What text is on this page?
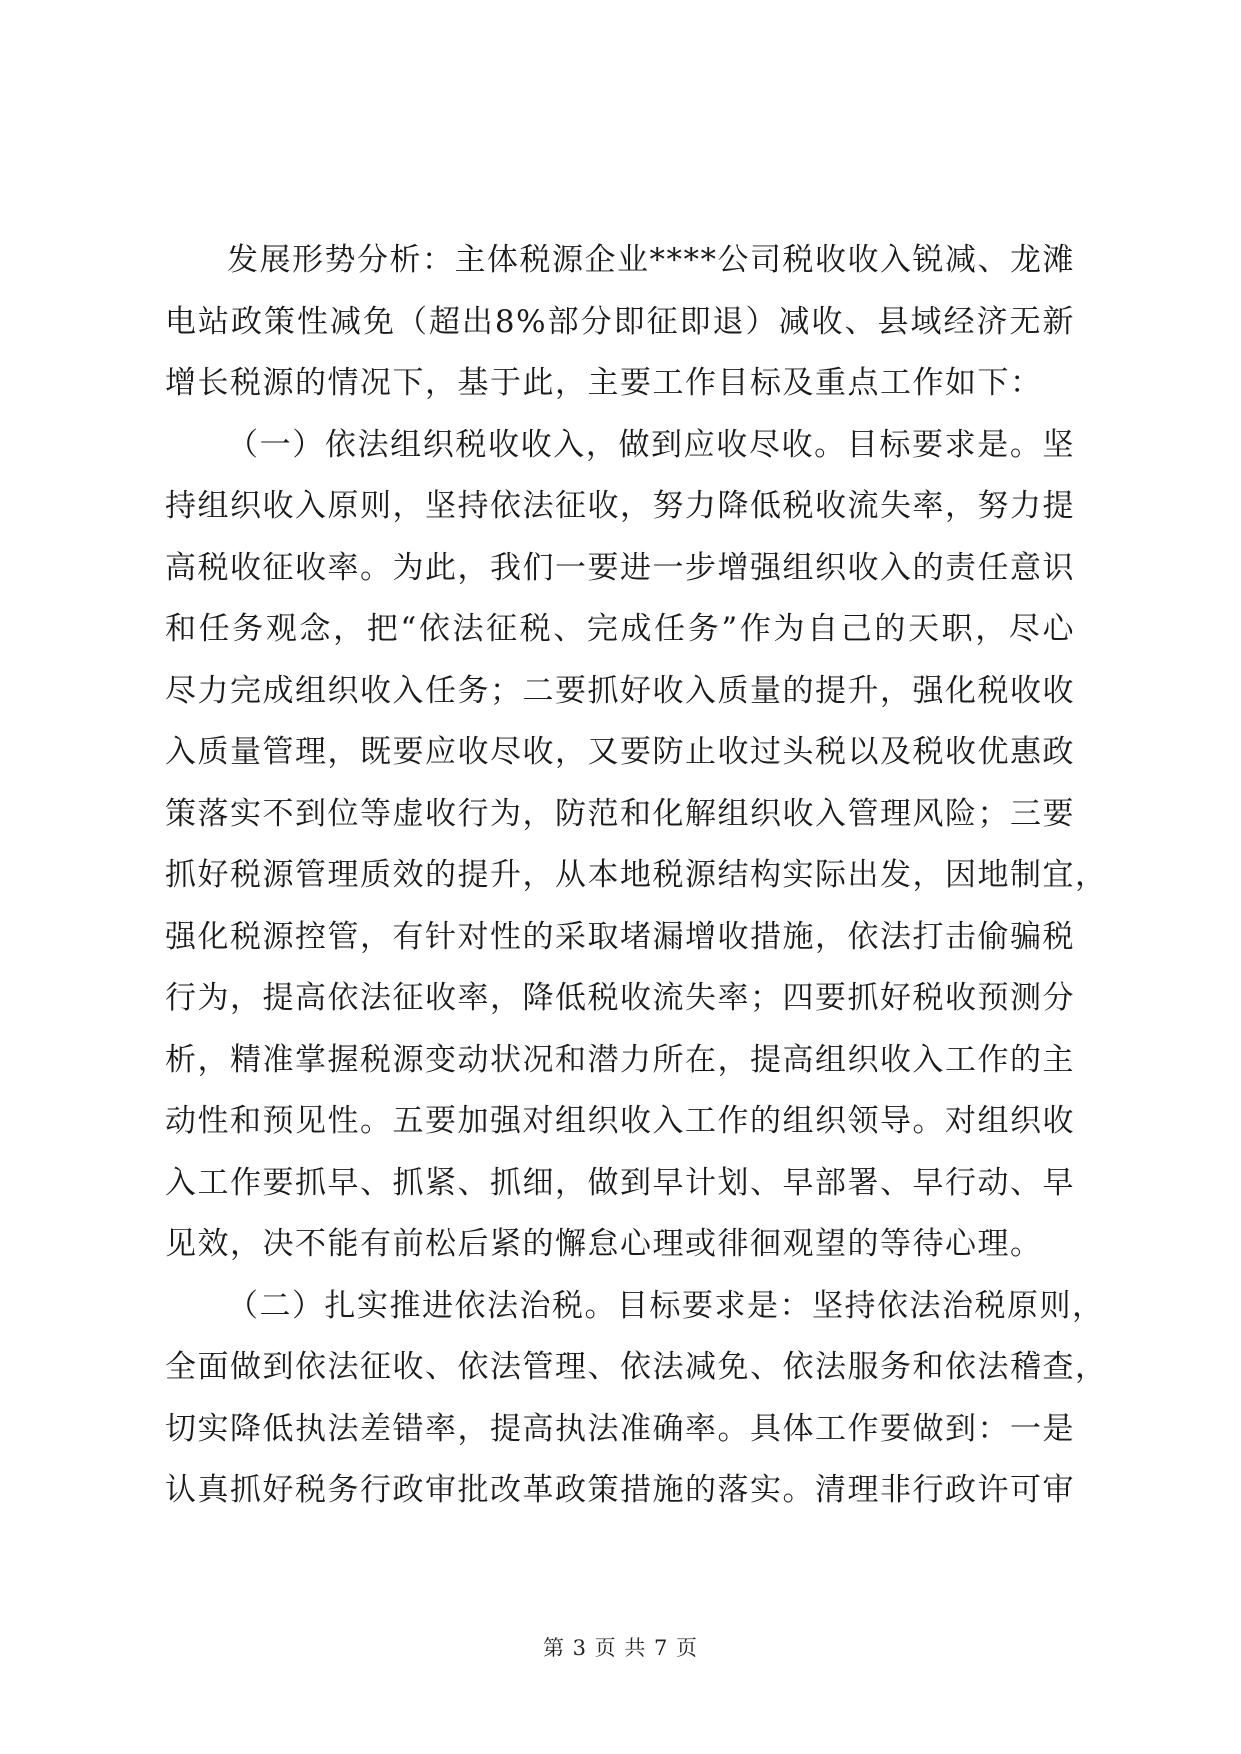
发展形势分析：主体税源企业****公司税收收入锐减、龙滩
电站政策性减免（超出8%部分即征即退）减收、县域经济无新
增长税源的情况下，基于此，主要工作目标及重点工作如下：
（一）依法组织税收收入，做到应收尽收。目标要求是。坚
持组织收入原则，坚持依法征收，努力降低税收流失率，努力提
高税收征收率。为此，我们一要进一步增强组织收入的责任意识
和任务观念，把“依法征税、完成任务”作为自己的天职，尽心
尽力完成组织收入任务；二要抓好收入质量的提升，强化税收收
入质量管理，既要应收尽收，又要防止收过头税以及税收优惠政
策落实不到位等虚收行为，防范和化解组织收入管理风险；三要
抓好税源管理质效的提升，从本地税源结构实际出发，因地制宜，
强化税源控管，有针对性的采取堵漏增收措施，依法打击偷骗税
行为，提高依法征收率，降低税收流失率；四要抓好税收预测分
析，精准掌握税源变动状况和潜力所在，提高组织收入工作的主
动性和预见性。五要加强对组织收入工作的组织领导。对组织收
入工作要抓早、抓紧、抓细，做到早计划、早部署、早行动、早
见效，决不能有前松后紧的懈怠心理或徘徊观望的等待心理。
（二）扎实推进依法治税。目标要求是：坚持依法治税原则，
全面做到依法征收、依法管理、依法减免、依法服务和依法稽查，
切实降低执法差错率，提高执法准确率。具体工作要做到：一是
认真抓好税务行政审批改革政策措施的落实。清理非行政许可审
第 3 页 共 7 页
